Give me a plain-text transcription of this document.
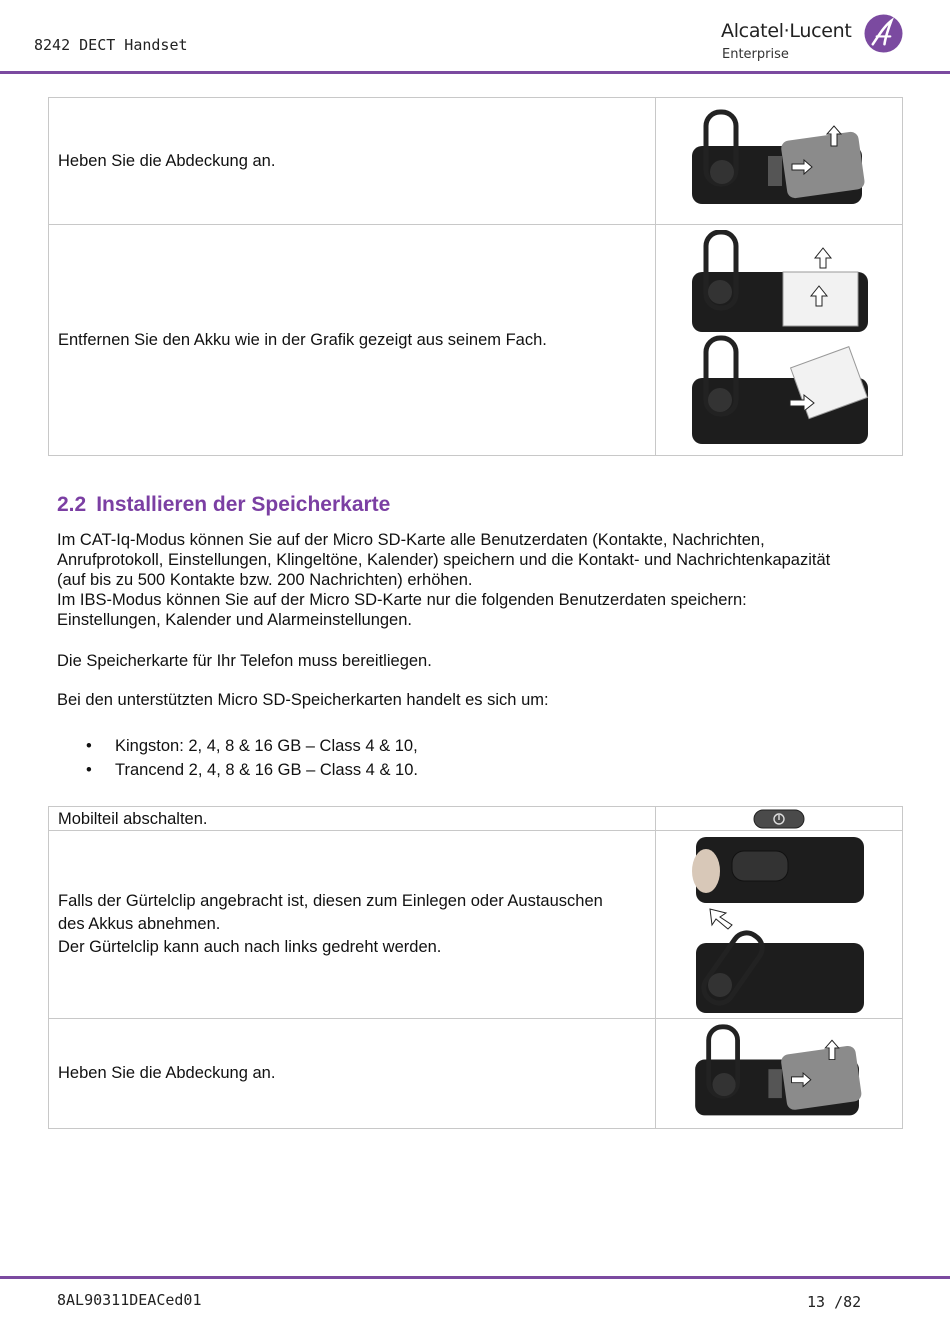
8242 DECT Handset
Alcatel·Lucent
Enterprise
Heben Sie die Abdeckung an.	

Entfernen Sie den Akku wie in der Grafik gezeigt aus seinem Fach.	
2.2 Installieren der Speicherkarte
Im CAT-Iq-Modus können Sie auf der Micro SD-Karte alle Benutzerdaten (Kontakte, Nachrichten,
Anrufprotokoll, Einstellungen, Klingeltöne, Kalender) speichern und die Kontakt- und Nachrichtenkapazität
(auf bis zu 500 Kontakte bzw. 200 Nachrichten) erhöhen.
Im IBS-Modus können Sie auf der Micro SD-Karte nur die folgenden Benutzerdaten speichern:
Einstellungen, Kalender und Alarmeinstellungen.
Die Speicherkarte für Ihr Telefon muss bereitliegen.
Bei den unterstützten Micro SD-Speicherkarten handelt es sich um:
• Kingston: 2, 4, 8 & 16 GB – Class 4 & 10,
• Trancend 2, 4, 8 & 16 GB – Class 4 & 10.
Mobilteil abschalten.	

Falls der Gürtelclip angebracht ist, diesen zum Einlegen oder Austauschen
des Akkus abnehmen.
Der Gürtelclip kann auch nach links gedreht werden.

Heben Sie die Abdeckung an.	
8AL90311DEACed01	13 /82
